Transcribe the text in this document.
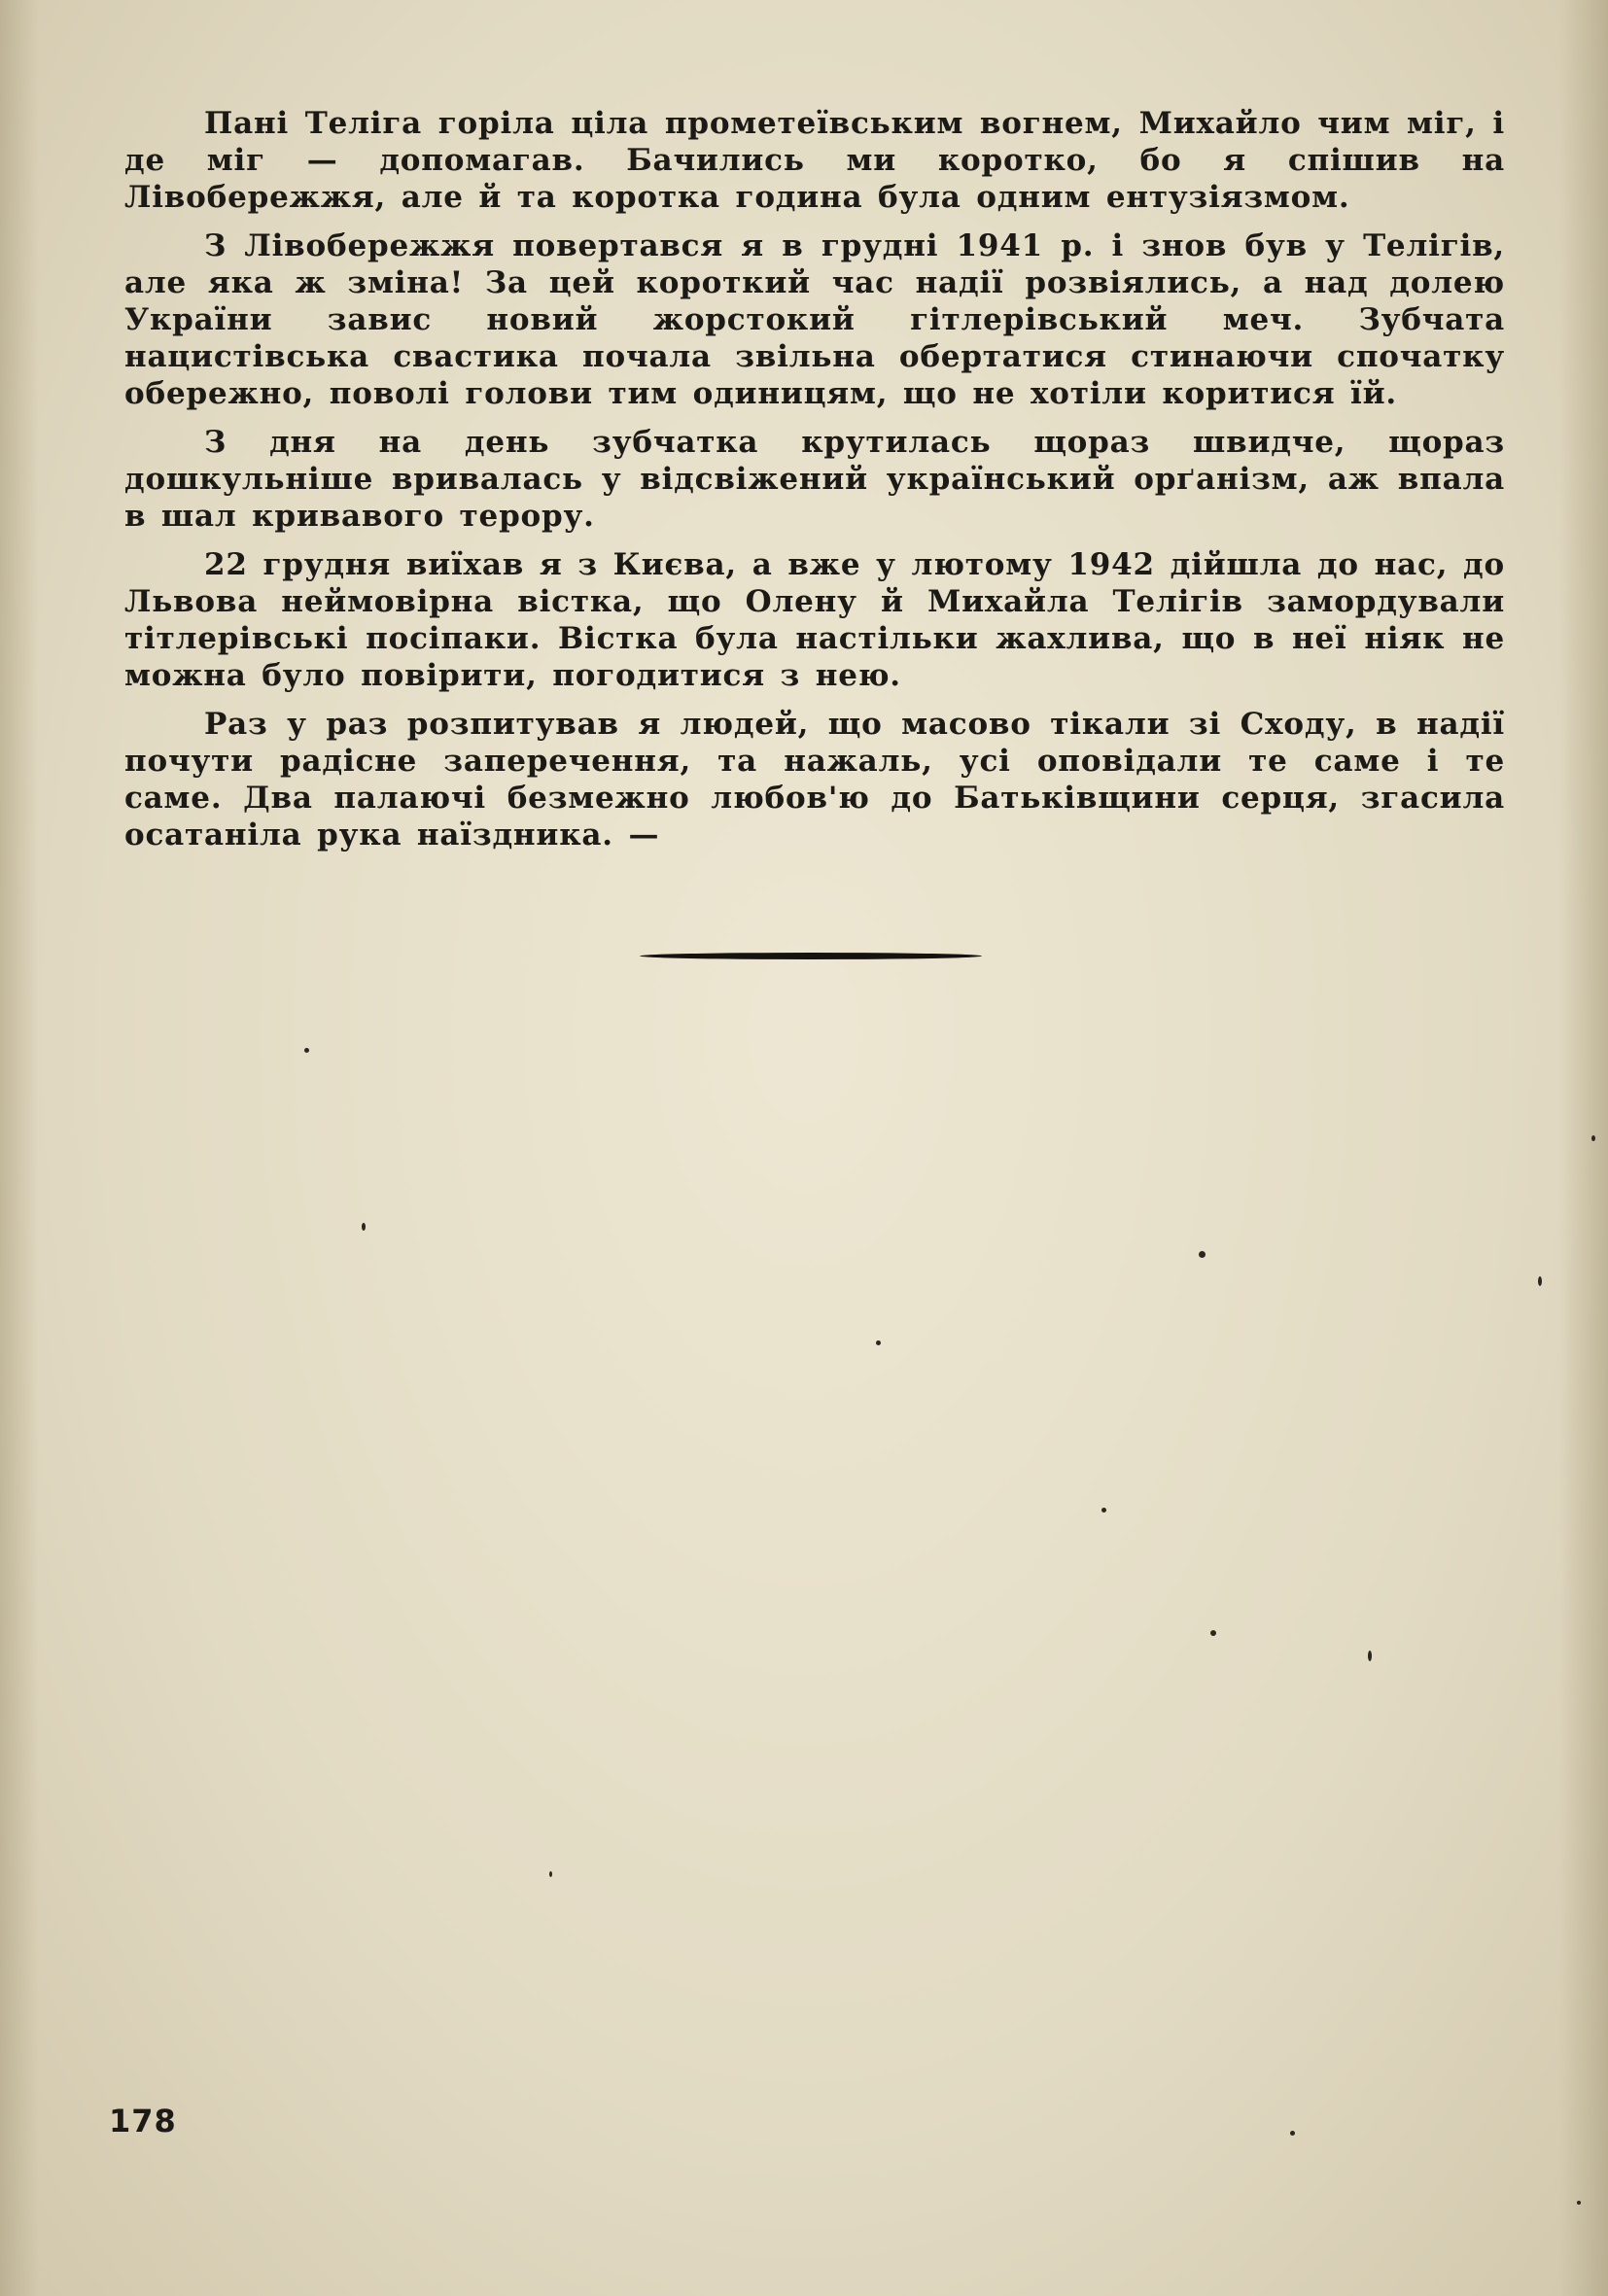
Пані Теліга горіла ціла прометеївським вогнем, Михайло чим міг, і де міг — допомагав. Бачились ми коротко, бо я спішив на Лівобережжя, але й та коротка година була одним ентузіязмом.

З Лівобережжя повертався я в грудні 1941 р. і знов був у Телігів, але яка ж зміна! За цей короткий час надії розвіялись, а над долею України завис новий жорстокий гітлерівський меч. Зубчата нацистівська свастика почала звільна обертатися стинаючи спочатку обережно, поволі голови тим одиницям, що не хотіли коритися їй.

З дня на день зубчатка крутилась щораз швидче, щораз дошкульніше вривалась у відсвіжений український орґанізм, аж впала в шал кривавого терору.

22 грудня виїхав я з Києва, а вже у лютому 1942 дійшла до нас, до Львова неймовірна вістка, що Олену й Михайла Телігів замордували тітлерівські посіпаки. Вістка була настільки жахлива, що в неї ніяк не можна було повірити, погодитися з нею.

Раз у раз розпитував я людей, що масово тікали зі Сходу, в надії почути радісне заперечення, та нажаль, усі оповідали те саме і те саме. Два палаючі безмежно любов'ю до Батьківщини серця, згасила осатаніла рука наїздника. —

178
